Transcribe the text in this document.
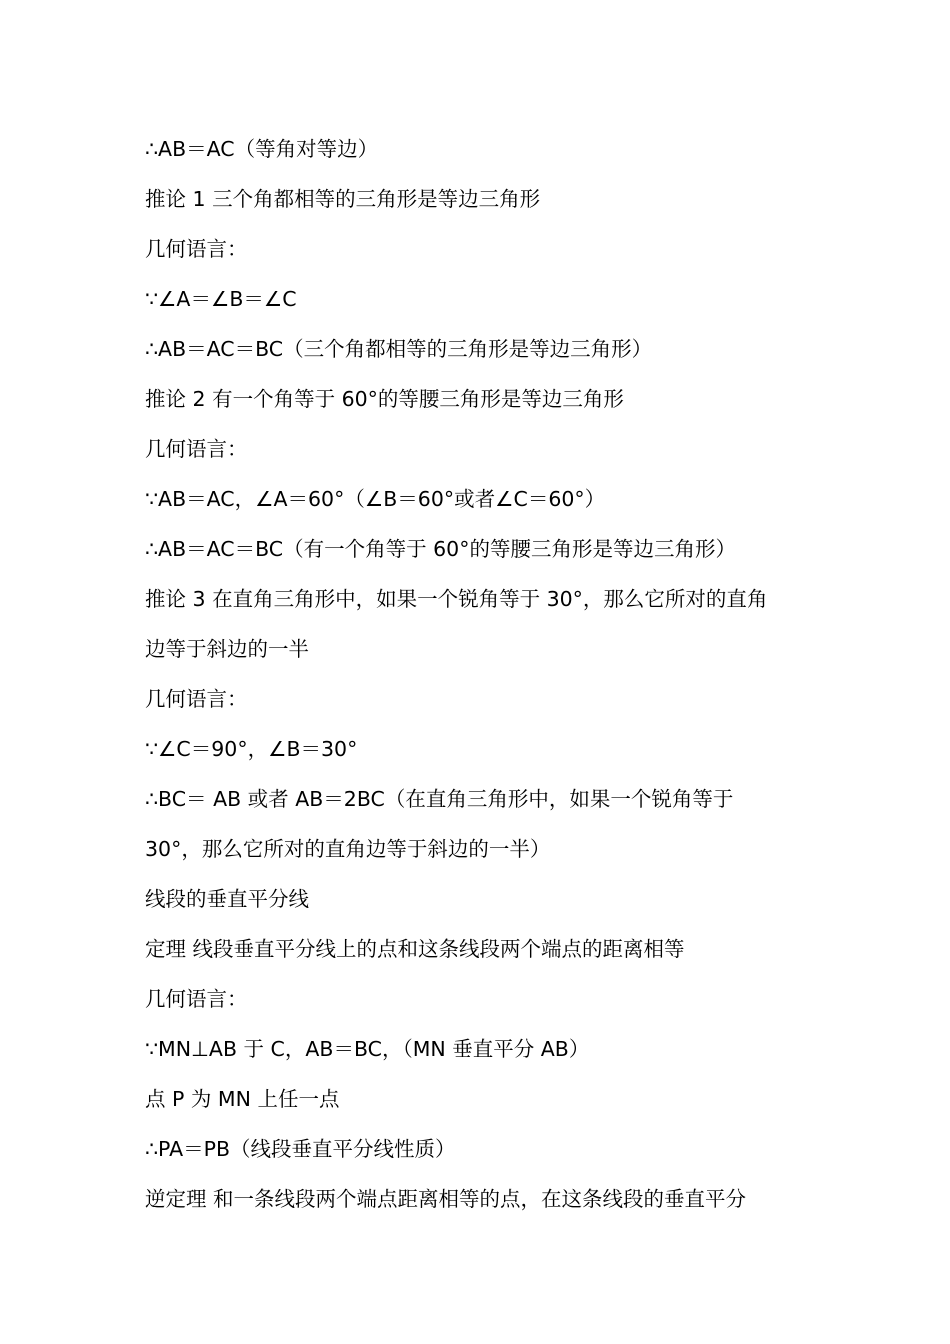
∴AB＝AC（等角对等边）
推论 1 三个角都相等的三角形是等边三角形
几何语言：
∵∠A＝∠B＝∠C
∴AB＝AC＝BC（三个角都相等的三角形是等边三角形）
推论 2 有一个角等于 60°的等腰三角形是等边三角形
几何语言：
∵AB＝AC，∠A＝60°（∠B＝60°或者∠C＝60°）
∴AB＝AC＝BC（有一个角等于 60°的等腰三角形是等边三角形）
推论 3 在直角三角形中，如果一个锐角等于 30°，那么它所对的直角
边等于斜边的一半
几何语言：
∵∠C＝90°，∠B＝30°
∴BC＝ AB 或者 AB＝2BC（在直角三角形中，如果一个锐角等于
30°，那么它所对的直角边等于斜边的一半）
线段的垂直平分线
定理 线段垂直平分线上的点和这条线段两个端点的距离相等
几何语言：
∵MN⊥AB 于 C，AB＝BC，（MN 垂直平分 AB）
点 P 为 MN 上任一点
∴PA＝PB（线段垂直平分线性质）
逆定理 和一条线段两个端点距离相等的点，在这条线段的垂直平分
